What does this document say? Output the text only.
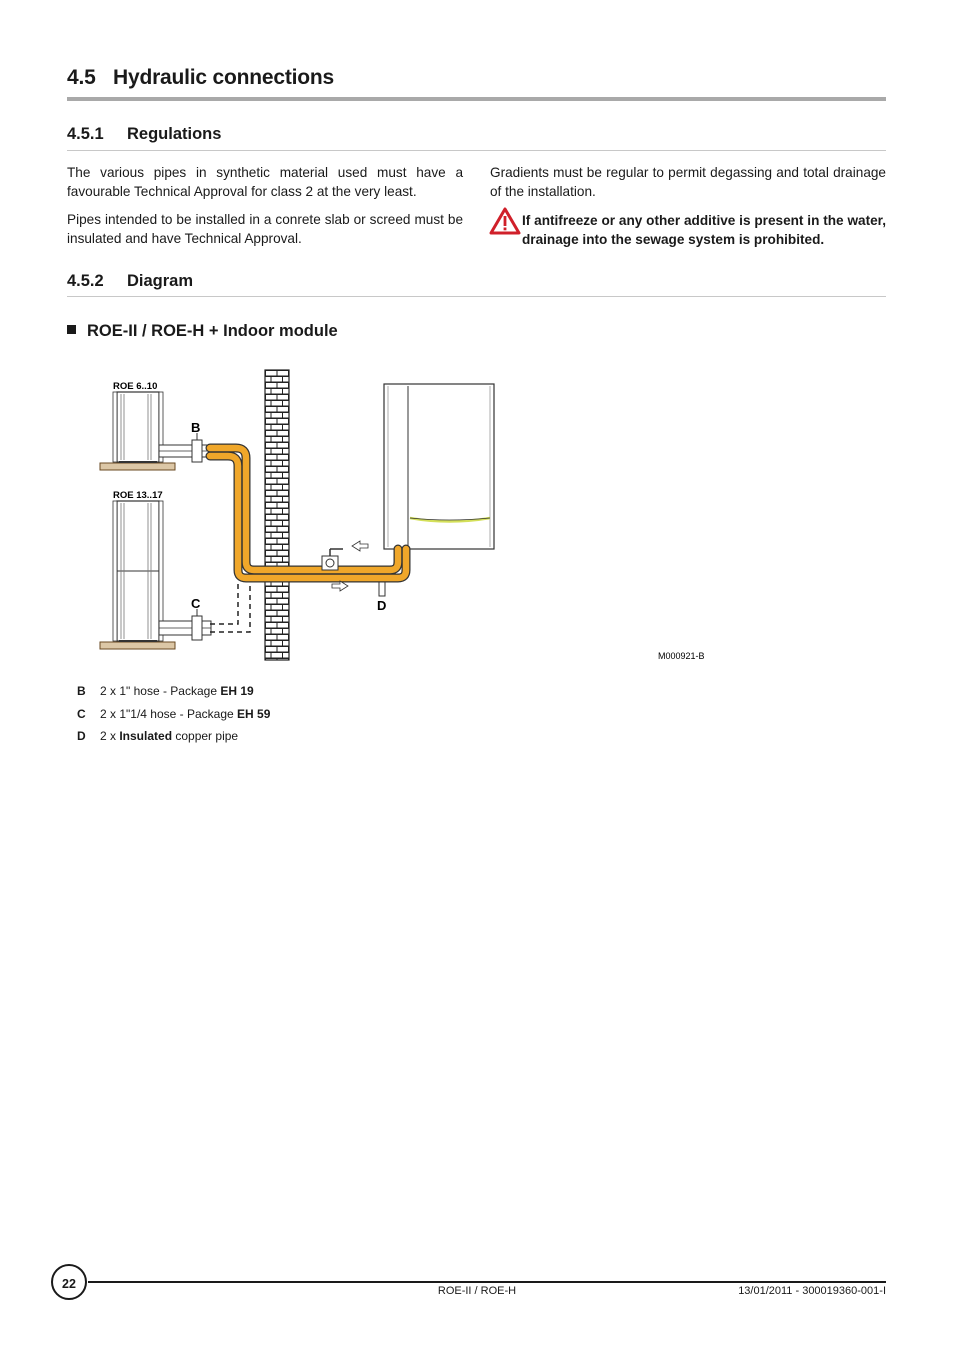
4.5 Hydraulic connections
4.5.1 Regulations
The various pipes in synthetic material used must have a favourable Technical Approval for class 2 at the very least.
Pipes intended to be installed in a conrete slab or screed must be insulated and have Technical Approval.
Gradients must be regular to permit degassing and total drainage of the installation.
If antifreeze or any other additive is present in the water, drainage into the sewage system is prohibited.
4.5.2 Diagram
ROE-II / ROE-H + Indoor module
ROE 6..10
ROE 13..17
B
C	D
M000921-B
B 2 x 1" hose - Package EH 19
C 2 x 1"1/4 hose - Package EH 59
D 2 x Insulated copper pipe
22	ROE-II / ROE-H	13/01/2011 - 300019360-001-I
